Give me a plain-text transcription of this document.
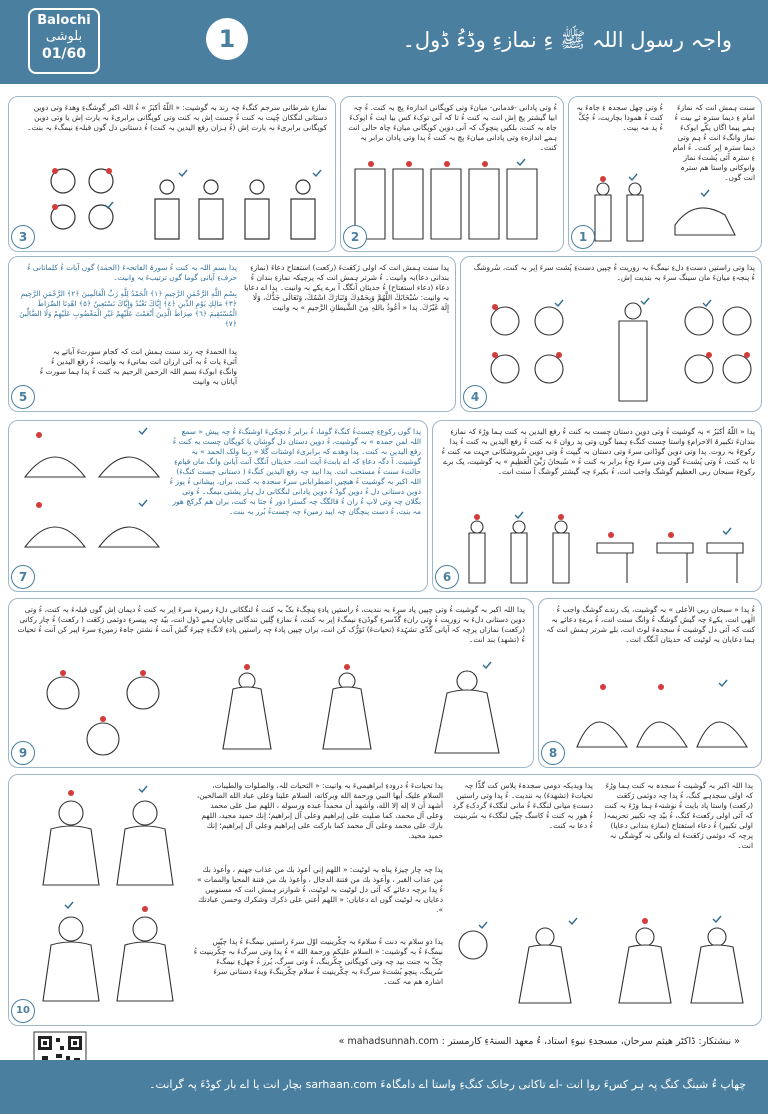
Balochi
بلوشی
01/60
1	واجہ رسول اللہ ﷺ ءِ نمازءِ وڈءُ ڈول۔
نمازءِ شرطانی سرجم کنگءَ چہ رند بہ گوشیت: « اللّهُ أکبَرُ » ءُ اللہ اکبر گوشگءِ وهدءَ وتی دوین دستانی لنگکان چُپت بہ کنت ءُ چست اِش بہ کنت وتی کوپگانی برابریءَ بہ یارت اِش یا وتی دوین کوپگانی برابریءَ بہ یارت اِش (ءُ ہزان رفع الیدین بہ کنت) ءُ دستانی دل گوں قبلہءِ نیمگءَ بہ بنت۔
3
ءُ وتی پادانی -قدمانی- میانءَ وتی کوپگانی اندازهءَ پچ بہ کنت. ءُ چہ ابیا گیشتر پچ اِش انت بہ کنت ءُ تا کہ آنی توکءَ کس بیا ایت ءُ ایوکءَ جاہ بہ کنت، بلکیں پنچوگ کہ آنی دوین کوپگانی میانءَ چاہ حالی انت ہمے اندازهءِ وتی پادانی میانءَ پچ بہ کنت ءُ پدا وتی پادان برابر بہ کنت۔
2
سنت ہمش انت کہ نمازءَ امام ءِ دیما سترہ ئے بیت ءُ ہمے پیما اگاں یکّے ایوکءَ نماز وانگءَ انت ءُ ہم وتی دیما سترہ اِیر کنت۔ ءُ امام ءِ سترہ آئی پُشتءَ نماز وانوکانی واستا هم سترہ انت گوں۔
ءُ وتی چهل سجدہ ءِ جاہءَ بہ کنت ءُ همودا بچاریت، ءُ چُکَّ ءُ پد مہ بیت۔
1
پدا سنت ہمش انت کہ اولی رَکعَتءَ (رکعت) استفتاح دعاءَ (نمازءِ بندانی دعا)بہ وانیت۔ ءُ شرتر ہمش انت کہ پرچیکہ نمازءِ بندان ءُ دعاء (دعاء استفتاح) ءُ حدیثاں آنگگ آ برے یکے بہ وانیت۔ پدا اے دعایا بہ وانیت: سُبْحَانَكَ اللَّهُمَّ وَبِحَمْدِكَ وَتَبَارَكَ اسْمُكَ، وَتَعَالَى جَدُّكَ، وَلَا إِلَهَ غَيْرُكَ. پدا « أعُوذُ باللہِ مِنَ الشَّيطانِ الرَّجيمِ » بہ وانیت
پدا بسم اللہ بہ کنت ءُ سورۃ الفاتحہ‌ءَ (الحمد) گوں آیات ءُ کلماتانی ءُ حرفءِ آیانی گوما گوں ترتیبءَ بہ وانیت۔
بِسْمِ اللَّهِ الرَّحْمَنِ الرَّحِيمِ ﴿١﴾ الْحَمْدُ لِلَّهِ رَبِّ الْعَالَمِينَ ﴿٢﴾ الرَّحْمَنِ الرَّحِيمِ ﴿٣﴾ مَالِكِ يَوْمِ الدِّينِ ﴿٤﴾ إِيَّاكَ نَعْبُدُ وَإِيَّاكَ نَسْتَعِينُ ﴿٥﴾ اهْدِنَا الصِّرَاطَ الْمُسْتَقِيمَ ﴿٦﴾ صِرَاطَ الَّذِينَ أَنْعَمْتَ عَلَيْهِمْ غَيْرِ الْمَغْضُوبِ عَلَيْهِمْ وَلَا الضَّالِّينَ ﴿٧﴾
پدا الحمدءَ چہ رند سنت ہمش انت کہ کجام سورتءَ آیاتے بہ آئیءَ یات ءُ بہ آئی ارزان انت بمانیءَ بہ وانیت، ءُ رفع الیدین ءُ وانگءِ ابوکءَ بسم اللہ الرحمن الرحیم بہ کنت ءُ پدا ہما سورت ءُ آیاتاں بہ وانیت
5
پدا وتی راستیں دستءِ دلءِ نیمگءَ بہ زوریت ءُ چپیں دستءِ پُشت سرءَ اِیر بہ کنت، سُروشگ ءُ پنجہءِ میانءَ مان سینگ سرءَ بہ بندیت اِش۔
4
پدا گوں رکوعءِ چستءُ کنگءَ گوما، ءُ برابر ءُ تچکیءَ اوشتگءَ ءُ چہ پیش « سمع اللہ لمن حمدہ » بہ گوشیت، ءُ دوین دستان دل گوشان یا کوپگان چست بہ کنت ءُ رفع الیدین بہ کنت۔ پدا وهدے کہ برابریءَ اوشتات گُلا « ربنا ولک الحمد » بہ گوشیت. آ دگہ دعاءِ کہ اے بابتءَ آیت انت، حدیثاں آنگگ آنت آیانی وانگ ماں قیامءِ حالتءَ سنت ءُ مستحب انت. پدا ایبد چہ رفع الیدین کنگءَ ( دستانی چست کنگءَ) اللہ اکبر بہ گوشیت ءُ هیچیں اضطرابانی سرءَ سجدہ بہ کنت، براں، پیشانی ءُ پوز ءُ دوین دستانی دل ءُ دوین گوڈ ءُ دوین پادانی لنگکانی دل ہار پشتی نیمگ۔ ءُ وتی بگلان چہ وتی لاپ ءُ ران ءُ قالگگ چہ گسترا دور ءُ جتا بہ کنت، بران هم گرکچ هور مہ بنت، ءُ دست پنچگان چہ ایبد زمینءَ چہ چستءُ بُرز بہ بنت۔
7
پدا « اللّهُ أکبَرُ » بہ گوشیت ءُ وتی دوین دستان چست بہ کنت ءُ رفع الیدین بہ کنت ہما وڑءَ کہ نمازءِ بندانءَ تکبیرۃ الاحرامءِ واستا چست کنگءِ ہمبا گوں وتی پد روان ءَ بہ کنت ءُ رفع الیدین بہ کنت ءُ پدا رکوعءَ بہ روت. پدا وتی دوین گوڈانی سرءَ وتی دستان بہ گیپت ءُ وتی دوین سُروشکانی جہت مہ کنت ءُ تا بہ کنت، ءُ وتی پُشتءَ گوں وتی سرءَ نحءُ برابر بہ کنت ءُ « سُبحانَ رَبِّيَ الْعَظِيمِ » بہ گوشیت، یک برے رکوعءَ سبحان ربی العظیم گوشگ واجب انت، ءُ بکیرءَ چہ گیشتر گوشگ آ سنت انت۔
6
پدا اللہ اکبر بہ گوشیت ءُ وتی چپیں پاد سرءَ بہ نندیت، ءُ راستیں پادءِ پنچگءَ بکّ بہ کنت ءُ لنگکانی دلءَ زمینءَ سرءَ اِیر بہ کنت ءُ دیمان اِش گوں قبلہءَ بہ کنت، ءُ وتی دوین دستانی دلءَ بہ زوریت ءُ وتی رانءِ گُدّسرءِ گوڈنءِ نیمگءَ اِیر بہ کنت، ءُ نمازءِ گِلیں نندگانی چاپان ہمے ڈول انت، بیّد چہ پیسرءِ دوئمی رَکعَت ( رکعت) ءُ چار رکاتی (رکعت) نمازاں پرچہ کہ آیانی گُدّی تشہّدءَ (تحیاتءَ) تَوَرُّک کن انت، براں چپیں پادءَ چہ راستیں پادءِ لانگءِ چیرءَ گش آنت ءُ نشتن جاہءَ زمینءِ سرءَ ایبر کن آنت ءُ تحیات ءُ (تشهد) بند انت۔
9
ءُ پدا « سبحان ربي الأعلى » بہ گوشیت، یک رندے گوشگ واجب ءُ الٰهی انت، یکےءَ چہ گیش گوشگ ءُ وانگ سنت انت، ءُ برےءِ دعائے بہ کنت کہ آئی دل گوشیت ءُ سجدہءَ لوٹ انت، بلے شرتر ہمش انت کہ ہما دعایان بہ لوٹیت کہ حدیثان آنگگ انت۔
8
پدا تحیاتءَ ءُ درودءِ ابراهیمیءَ بہ وانیت: « التحیات للہ، والصلوات والطیبات، السلام علیک أیها النبي ورحمة الله وبرکاته، السلام علینا وعلی عباد الله الصالحین، أشهد أن لا إله إلا الله، وأشهد أن محمداً عبده ورسوله ، اللهم صل علی محمد وعلی آل محمد، کما صلیت علی إبراهیم وعلی آل إبراهیم؛ إنك حمید مجید، اللهم بارك علی محمد وعلی آل محمد کما بارکت علی إبراهیم وعلی آل إبراهیم؛ إنك حمید مجید.
پدا چہ چار چیزءَ پناہ بہ لوٹیت: « اللهم إني أعوذ بك من عذاب جهنم ، وأعوذ بك من عذاب القبر ، وأعوذ بك من فتنة الدجال ، وأعوذ بك من فتنة المحیا والممات » ءُ پدا برچہ دعائے کہ آئی دل لوٹیت بہ لوٹیت، ءُ شوازنر ہمش انت کہ مسنونیں دعایاں بہ لوٹیت گوں اے دعایاں: « اللهم أعني على ذكرك وشكرك وحسن عبادتك ».
پدا دو سلام بہ دنت ءُ سلامءَ بہ چکّرینیت اوّل سرءَ راستیں نیمگءَ ءُ پدا چپّیں نیمگءَ ءُ بہ گوشیت: « السلام علیکم ورحمة الله » ءُ پدا وتی سرگءَ بہ چکّرینیت ءُ چکّ بہ جنت بید چہ وتی کوپگانی چکّرینگ، ءُ وتی سرگ، بُرز ءُ جهلءِ نیمگءَ سُرینگ، پنچو بُشتءَ سرگءَ بہ چکّرینیت ءُ سلام چکّرینگءَ ویدءَ دستانی سرءَ اشارہ هم مہ کنت۔
پدا ویدیکہ دومی سجدہءَ پلاس کت گڈّا چہ تحیاتءَ (تشهدءَ) بہ نندیت۔ ءُ پدا وتی راستیں دستءِ میانی لنگکءَ ءُ مانی لنگکءَ گردکءِ گرد ءُ هور بہ کنت ءُ کاسگ چپّی لنگکءَ بہ سُربنیت ءُ دعا بہ کنت۔
پدا اللہ اکبر بہ گوشیت ءُ سجدہ بہ کنت ہما وڑءَ کہ اولی سجدہے کنگ، ءُ پدا چہ دوئمی رَکعَت (رکعت) واستا پاد بایت ءُ نوشتہءَ ہما وڑءَ بہ کنت کہ آئی اولی رکعتءَ کنگ، ءُ بیّد چہ تکبیر تحریمہ( اولی تکبیر) ءُ دعاء استفتاح (نمازءِ بندانی دعایا) پرچہ کہ دوئمی رَکعَتءَ اے وانگی نہ گوشگی نہ انت۔
10
« نبشتکار: ڈاکٹر هیثم سرحان، مسجدءِ نبوءِ استاد، ءُ معهد السنۃءِ کارمستر : mahadsunnah.com »
چھاپ ءُ شینگ کنگ پہ ہر کسءَ روا انت -اے تاکانی رجانک کنگءِ واستا اے دامگاہءَ sarhaan.com بچار انت یا اے بار کوڈءَ پہ گرانت۔
